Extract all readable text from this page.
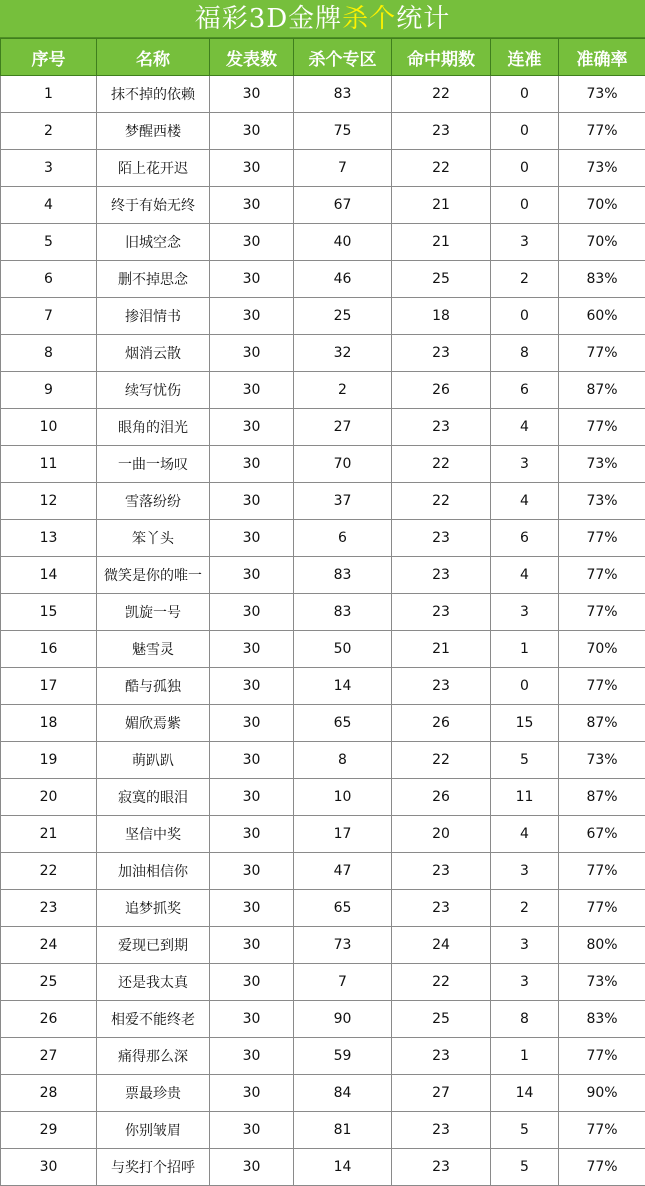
福彩3D金牌杀个统计
序号	名称	发表数	杀个专区	命中期数	连准	准确率
1	抹不掉的依赖	30	83	22	0	73%
2	梦醒西楼	30	75	23	0	77%
3	陌上花开迟	30	7	22	0	73%
4	终于有始无终	30	67	21	0	70%
5	旧城空念	30	40	21	3	70%
6	删不掉思念	30	46	25	2	83%
7	掺泪情书	30	25	18	0	60%
8	烟消云散	30	32	23	8	77%
9	续写忧伤	30	2	26	6	87%
10	眼角的泪光	30	27	23	4	77%
11	一曲一场叹	30	70	22	3	73%
12	雪落纷纷	30	37	22	4	73%
13	笨丫头	30	6	23	6	77%
14	微笑是你的唯一	30	83	23	4	77%
15	凯旋一号	30	83	23	3	77%
16	魅雪灵	30	50	21	1	70%
17	酷与孤独	30	14	23	0	77%
18	媚欣焉紫	30	65	26	15	87%
19	萌趴趴	30	8	22	5	73%
20	寂寞的眼泪	30	10	26	11	87%
21	坚信中奖	30	17	20	4	67%
22	加油相信你	30	47	23	3	77%
23	追梦抓奖	30	65	23	2	77%
24	爱现已到期	30	73	24	3	80%
25	还是我太真	30	7	22	3	73%
26	相爱不能终老	30	90	25	8	83%
27	痛得那么深	30	59	23	1	77%
28	票最珍贵	30	84	27	14	90%
29	你别皱眉	30	81	23	5	77%
30	与奖打个招呼	30	14	23	5	77%
